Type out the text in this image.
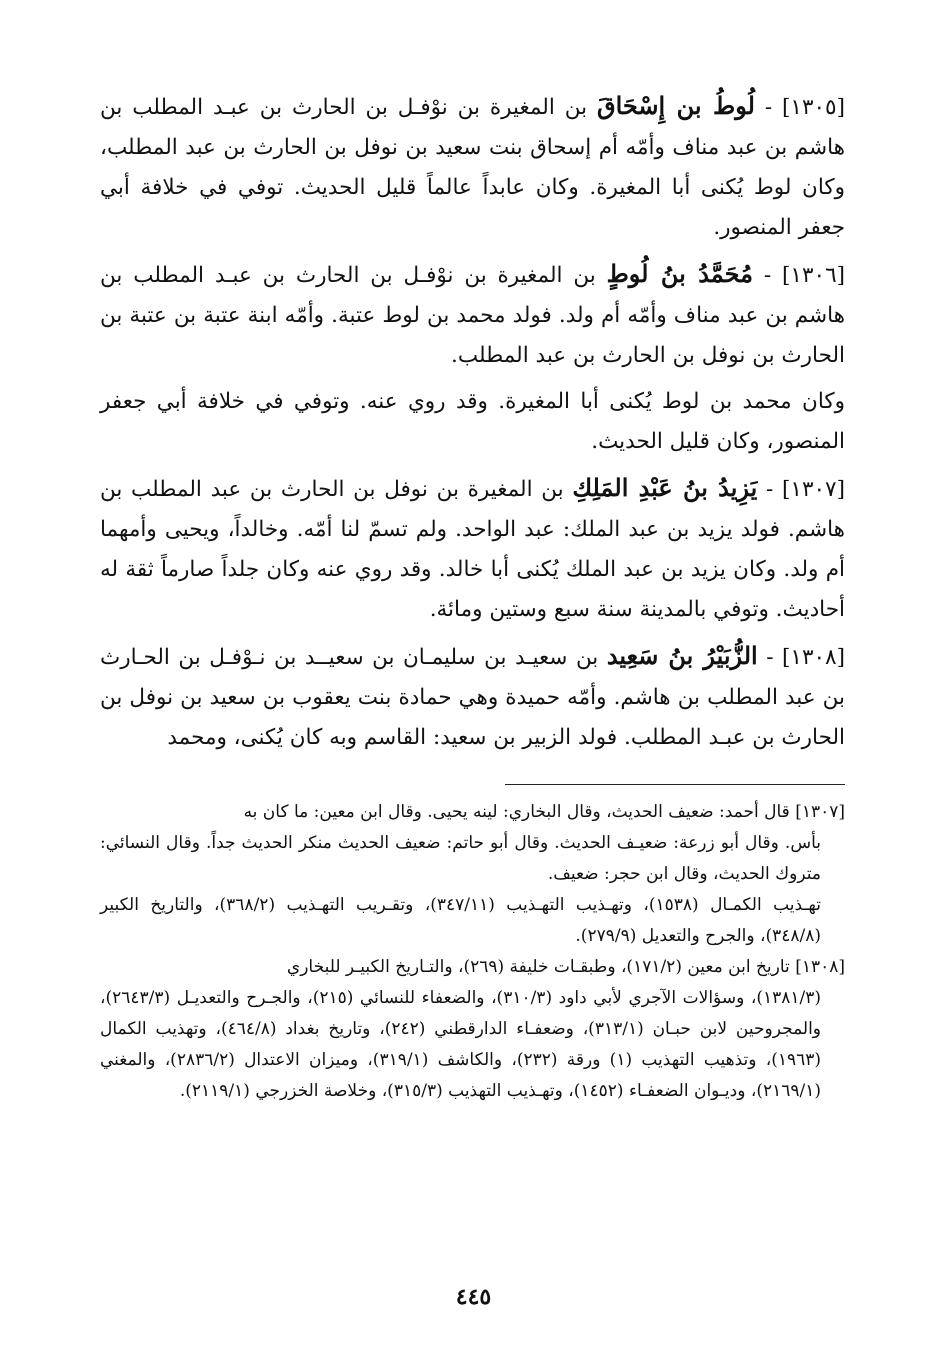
[١٣٠٥] - لُوطُ بن إِسْحَاقَ بن المغيرة بن نوْفـل بن الحارث بن عبـد المطلب بن هاشم بن عبد مناف وأمّه أم إسحاق بنت سعيد بن نوفل بن الحارث بن عبد المطلب، وكان لوط يُكنى أبا المغيرة. وكان عابداً عالماً قليل الحديث. توفي في خلافة أبي جعفر المنصور.

[١٣٠٦] - مُحَمَّدُ بنُ لُوطٍ بن المغيرة بن نوْفـل بن الحارث بن عبـد المطلب بن هاشم بن عبد مناف وأمّه أم ولد. فولد محمد بن لوط عتبة. وأمّه ابنة عتبة بن عتبة بن الحارث بن نوفل بن الحارث بن عبد المطلب.

وكان محمد بن لوط يُكنى أبا المغيرة. وقد روي عنه. وتوفي في خلافة أبي جعفر المنصور، وكان قليل الحديث.

[١٣٠٧] - يَزِيدُ بنُ عَبْدِ المَلِكِ بن المغيرة بن نوفل بن الحارث بن عبد المطلب بن هاشم. فولد يزيد بن عبد الملك: عبد الواحد. ولم تسمّ لنا أمّه. وخالداً، ويحيى وأمهما أم ولد. وكان يزيد بن عبد الملك يُكنى أبا خالد. وقد روي عنه وكان جلداً صارماً ثقة له أحاديث. وتوفي بالمدينة سنة سبع وستين ومائة.

[١٣٠٨] - الزُّبَيْرُ بنُ سَعِيد بن سعيـد بن سليمـان بن سعيــد بن نـوْفـل بن الحـارث بن عبد المطلب بن هاشم. وأمّه حميدة وهي حمادة بنت يعقوب بن سعيد بن نوفل بن الحارث بن عبـد المطلب. فولد الزبير بن سعيد: القاسم وبه كان يُكنى، ومحمد

[١٣٠٧] قال أحمد: ضعيف الحديث، وقال البخاري: لينه يحيى. وقال ابن معين: ما كان به

بأس. وقال أبو زرعة: ضعيـف الحديث. وقال أبو حاتم: ضعيف الحديث منكر الحديث جداً. وقال النسائي: متروك الحديث، وقال ابن حجر: ضعيف.

تهـذيب الكمـال (١٥٣٨)، وتهـذيب التهـذيب (٣٤٧/١١)، وتقـريب التهـذيب (٣٦٨/٢)، والتاريخ الكبير (٣٤٨/٨)، والجرح والتعديل (٢٧٩/٩).

[١٣٠٨] تاريخ ابن معين (١٧١/٢)، وطبقـات خليفة (٢٦٩)، والتـاريخ الكبيـر للبخاري

(١٣٨١/٣)، وسؤالات الآجري لأبي داود (٣١٠/٣)، والضعفاء للنسائي (٢١٥)، والجـرح والتعديـل (٢٦٤٣/٣)، والمجروحين لابن حبـان (٣١٣/١)، وضعفـاء الدارقطني (٢٤٢)، وتاريخ بغداد (٤٦٤/٨)، وتهذيب الكمال (١٩٦٣)، وتذهيب التهذيب (١) ورقة (٢٣٢)، والكاشف (٣١٩/١)، وميزان الاعتدال (٢٨٣٦/٢)، والمغني (٢١٦٩/١)، وديـوان الضعفـاء (١٤٥٢)، وتهـذيب التهذيب (٣١٥/٣)، وخلاصة الخزرجي (٢١١٩/١).

٤٤٥
